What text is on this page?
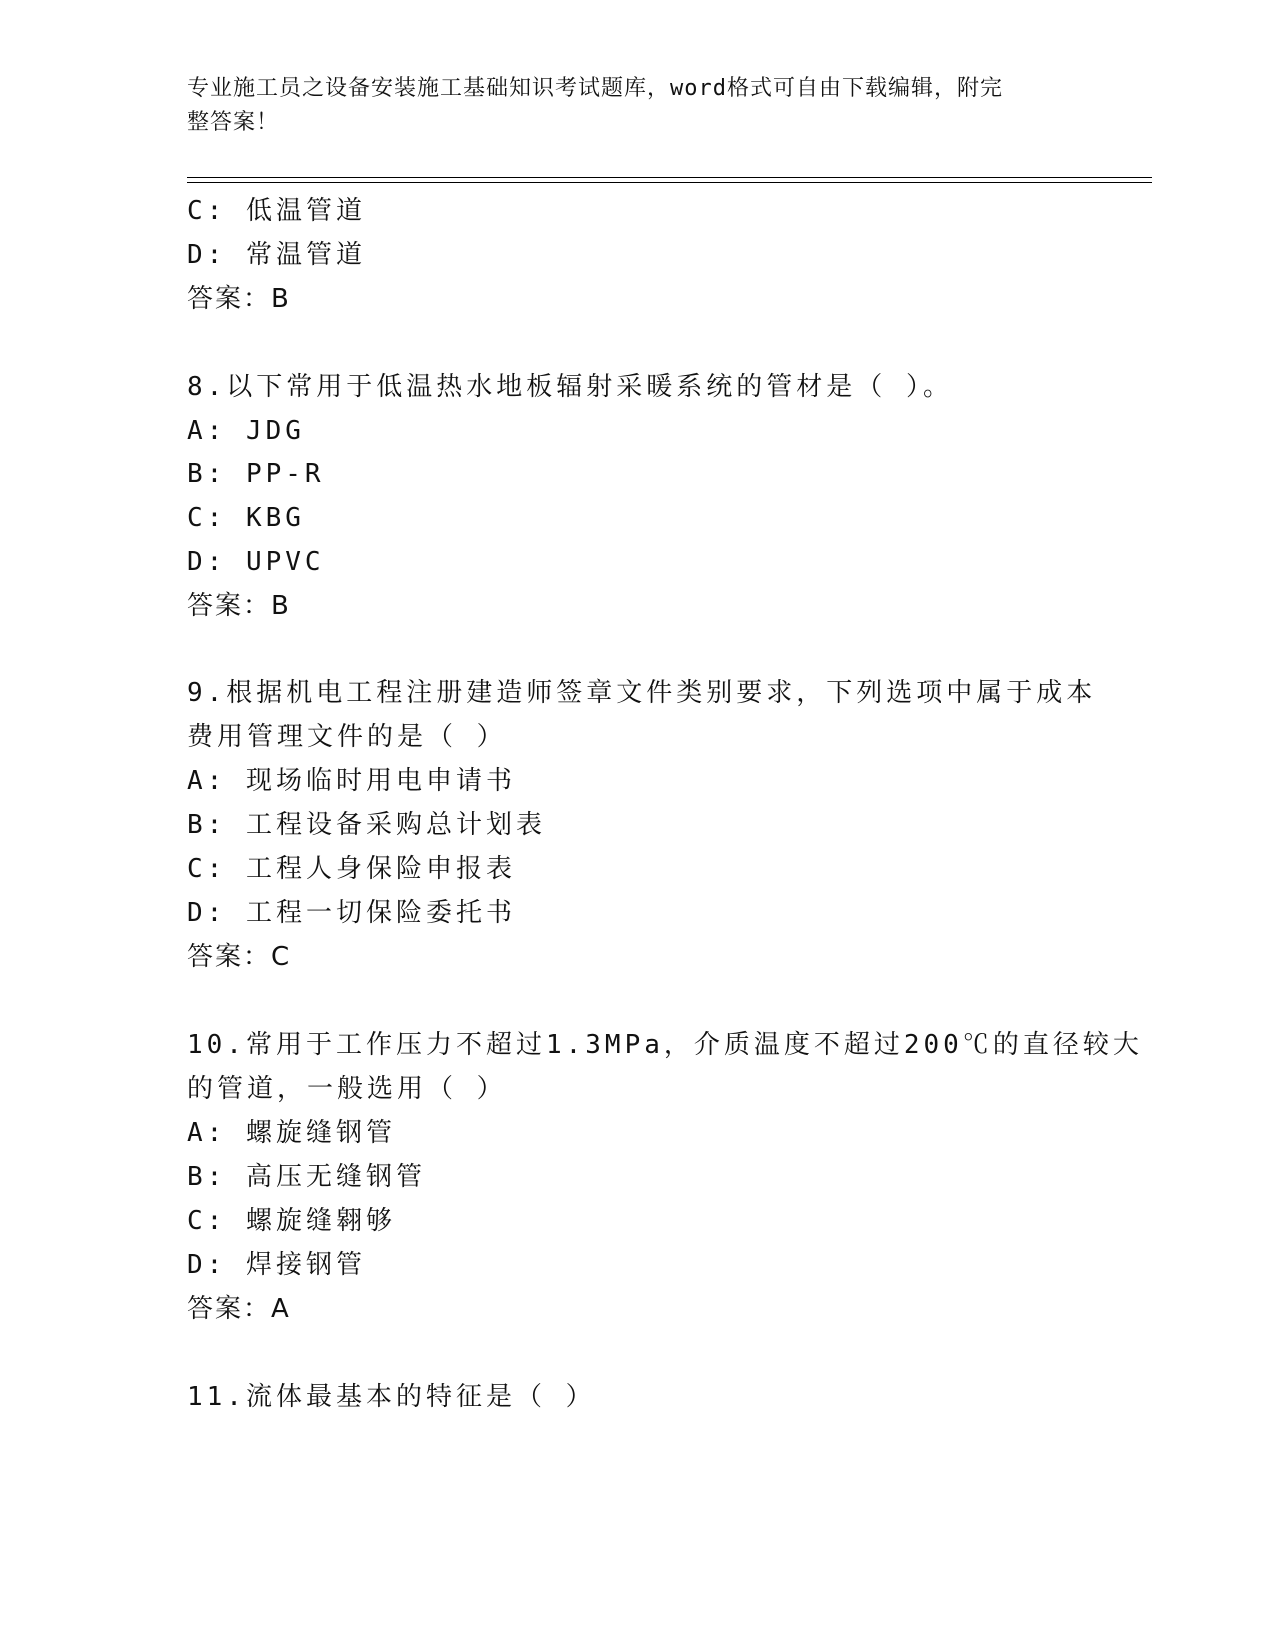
专业施工员之设备安装施工基础知识考试题库，word格式可自由下载编辑，附完
整答案！
C: 低温管道
D: 常温管道
答案：B
8.以下常用于低温热水地板辐射采暖系统的管材是（ ）。
A: JDG
B: PP-R
C: KBG
D: UPVC
答案：B
9.根据机电工程注册建造师签章文件类别要求，下列选项中属于成本
费用管理文件的是（ ）
A: 现场临时用电申请书
B: 工程设备采购总计划表
C: 工程人身保险申报表
D: 工程一切保险委托书
答案：C
10.常用于工作压力不超过1.3MPa，介质温度不超过200℃的直径较大
的管道，一般选用（ ）
A: 螺旋缝钢管
B: 高压无缝钢管
C: 螺旋缝翱够
D: 焊接钢管
答案：A
11.流体最基本的特征是（ ）
